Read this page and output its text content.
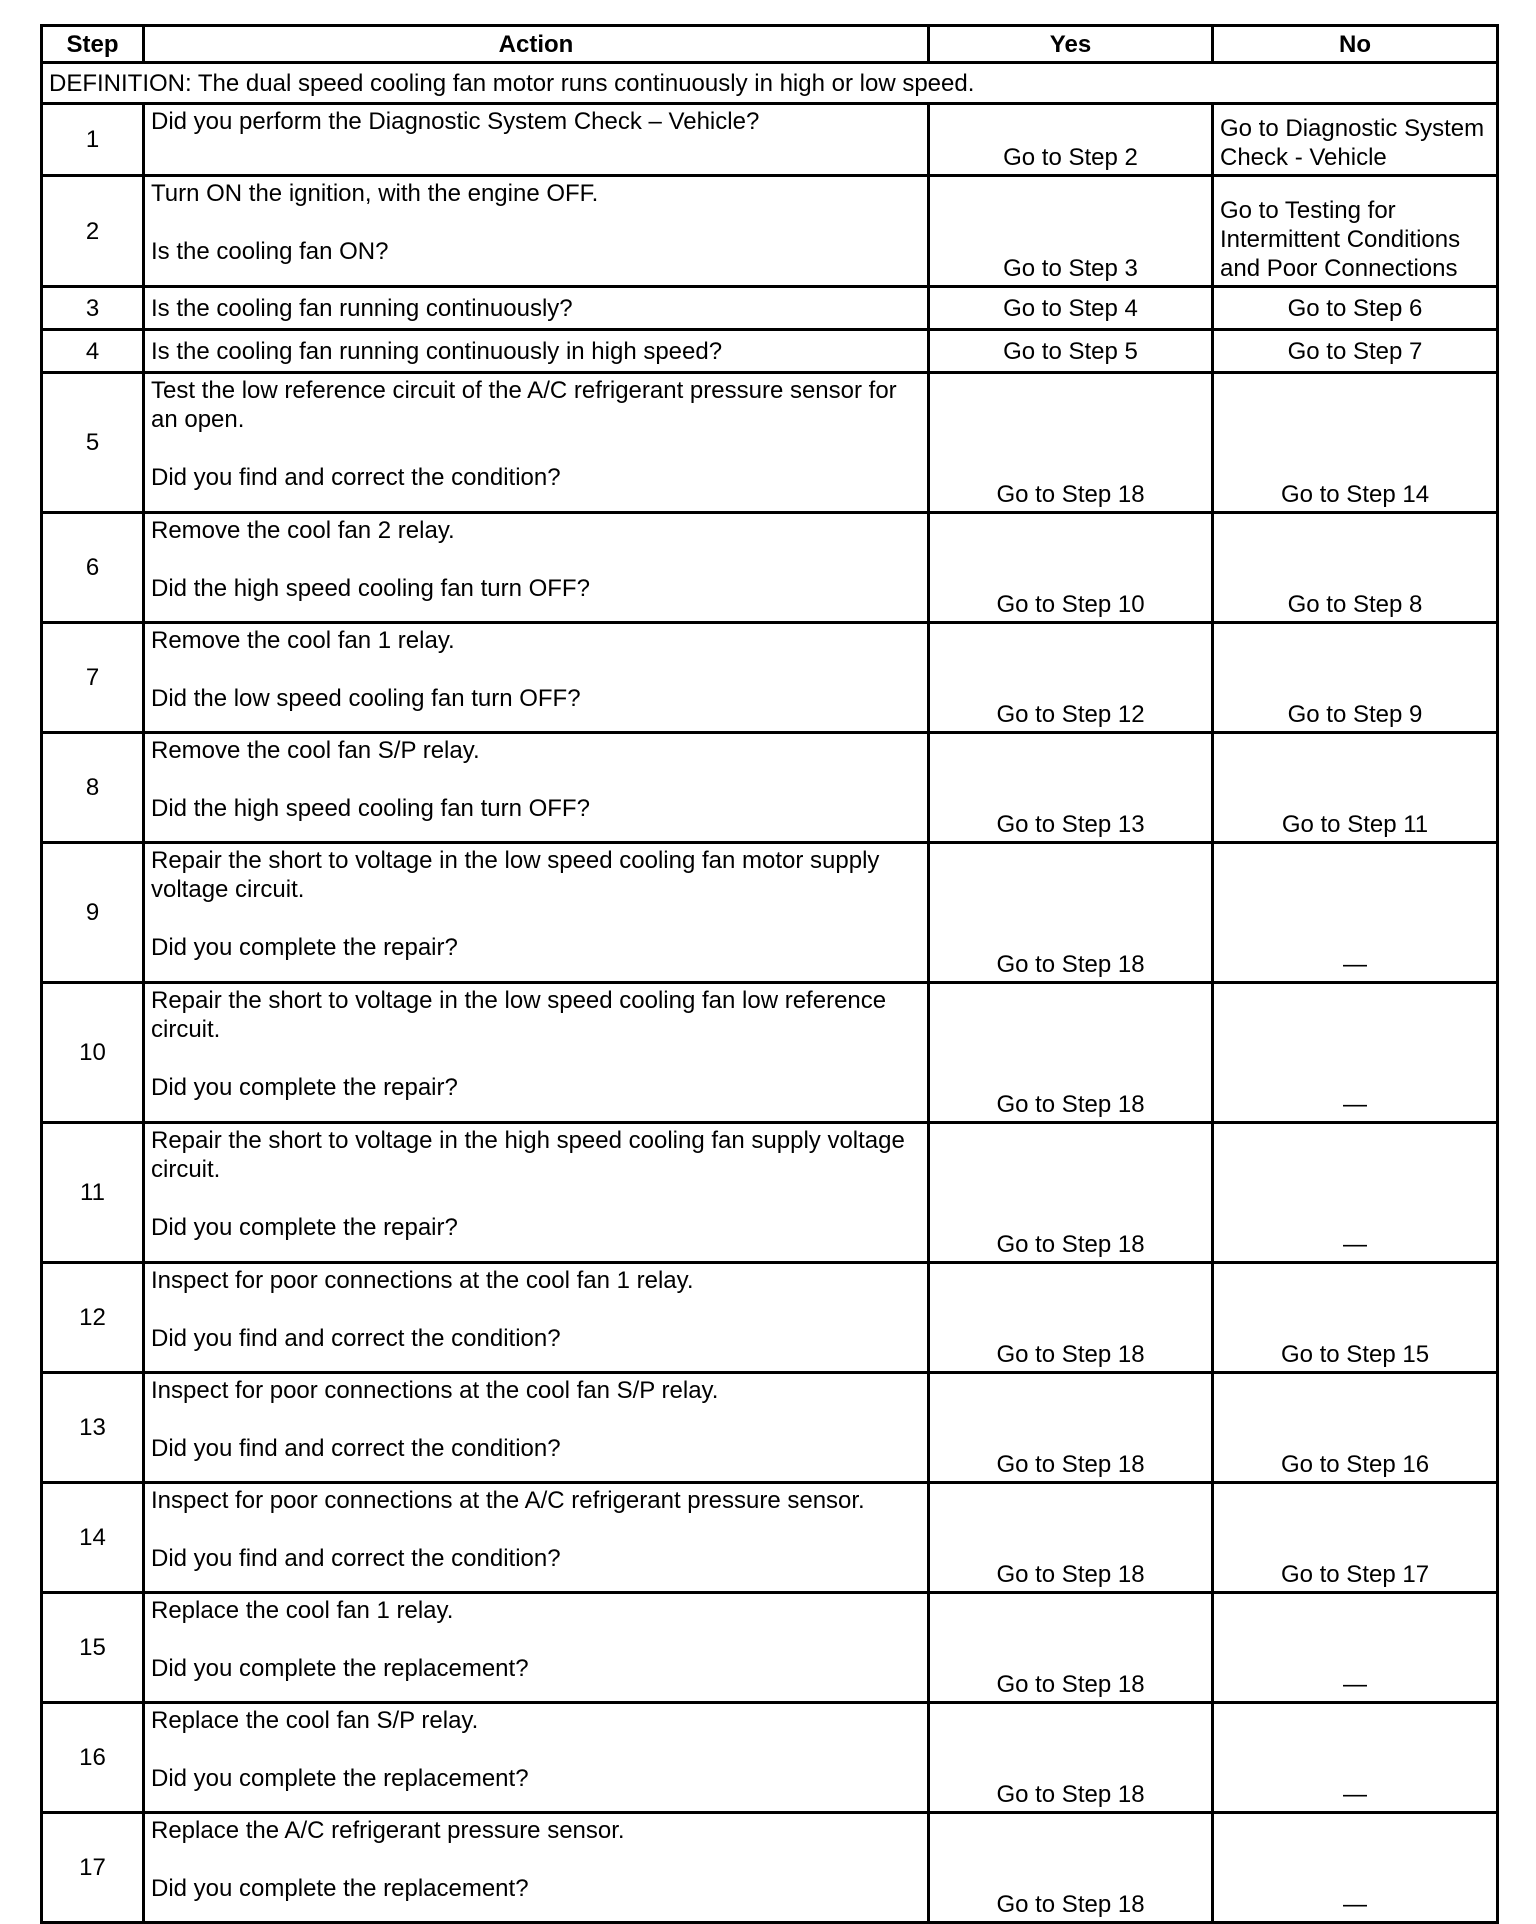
Step	Action	Yes	No
DEFINITION: The dual speed cooling fan motor runs continuously in high or low speed.			
1	Did you perform the Diagnostic System Check – Vehicle?	Go to Step 2	Go to Diagnostic System Check - Vehicle
2	Turn ON the ignition, with the engine OFF.
Is the cooling fan ON?	Go to Step 3	Go to Testing for Intermittent Conditions and Poor Connections
3	Is the cooling fan running continuously?	Go to Step 4	Go to Step 6
4	Is the cooling fan running continuously in high speed?	Go to Step 5	Go to Step 7
5	Test the low reference circuit of the A/C refrigerant pressure sensor for an open.
Did you find and correct the condition?	Go to Step 18	Go to Step 14
6	Remove the cool fan 2 relay.
Did the high speed cooling fan turn OFF?	Go to Step 10	Go to Step 8
7	Remove the cool fan 1 relay.
Did the low speed cooling fan turn OFF?	Go to Step 12	Go to Step 9
8	Remove the cool fan S/P relay.
Did the high speed cooling fan turn OFF?	Go to Step 13	Go to Step 11
9	Repair the short to voltage in the low speed cooling fan motor supply voltage circuit.
Did you complete the repair?	Go to Step 18	—
10	Repair the short to voltage in the low speed cooling fan low reference circuit.
Did you complete the repair?	Go to Step 18	—
11	Repair the short to voltage in the high speed cooling fan supply voltage circuit.
Did you complete the repair?	Go to Step 18	—
12	Inspect for poor connections at the cool fan 1 relay.
Did you find and correct the condition?	Go to Step 18	Go to Step 15
13	Inspect for poor connections at the cool fan S/P relay.
Did you find and correct the condition?	Go to Step 18	Go to Step 16
14	Inspect for poor connections at the A/C refrigerant pressure sensor.
Did you find and correct the condition?	Go to Step 18	Go to Step 17
15	Replace the cool fan 1 relay.
Did you complete the replacement?	Go to Step 18	—
16	Replace the cool fan S/P relay.
Did you complete the replacement?	Go to Step 18	—
17	Replace the A/C refrigerant pressure sensor.
Did you complete the replacement?	Go to Step 18	—
